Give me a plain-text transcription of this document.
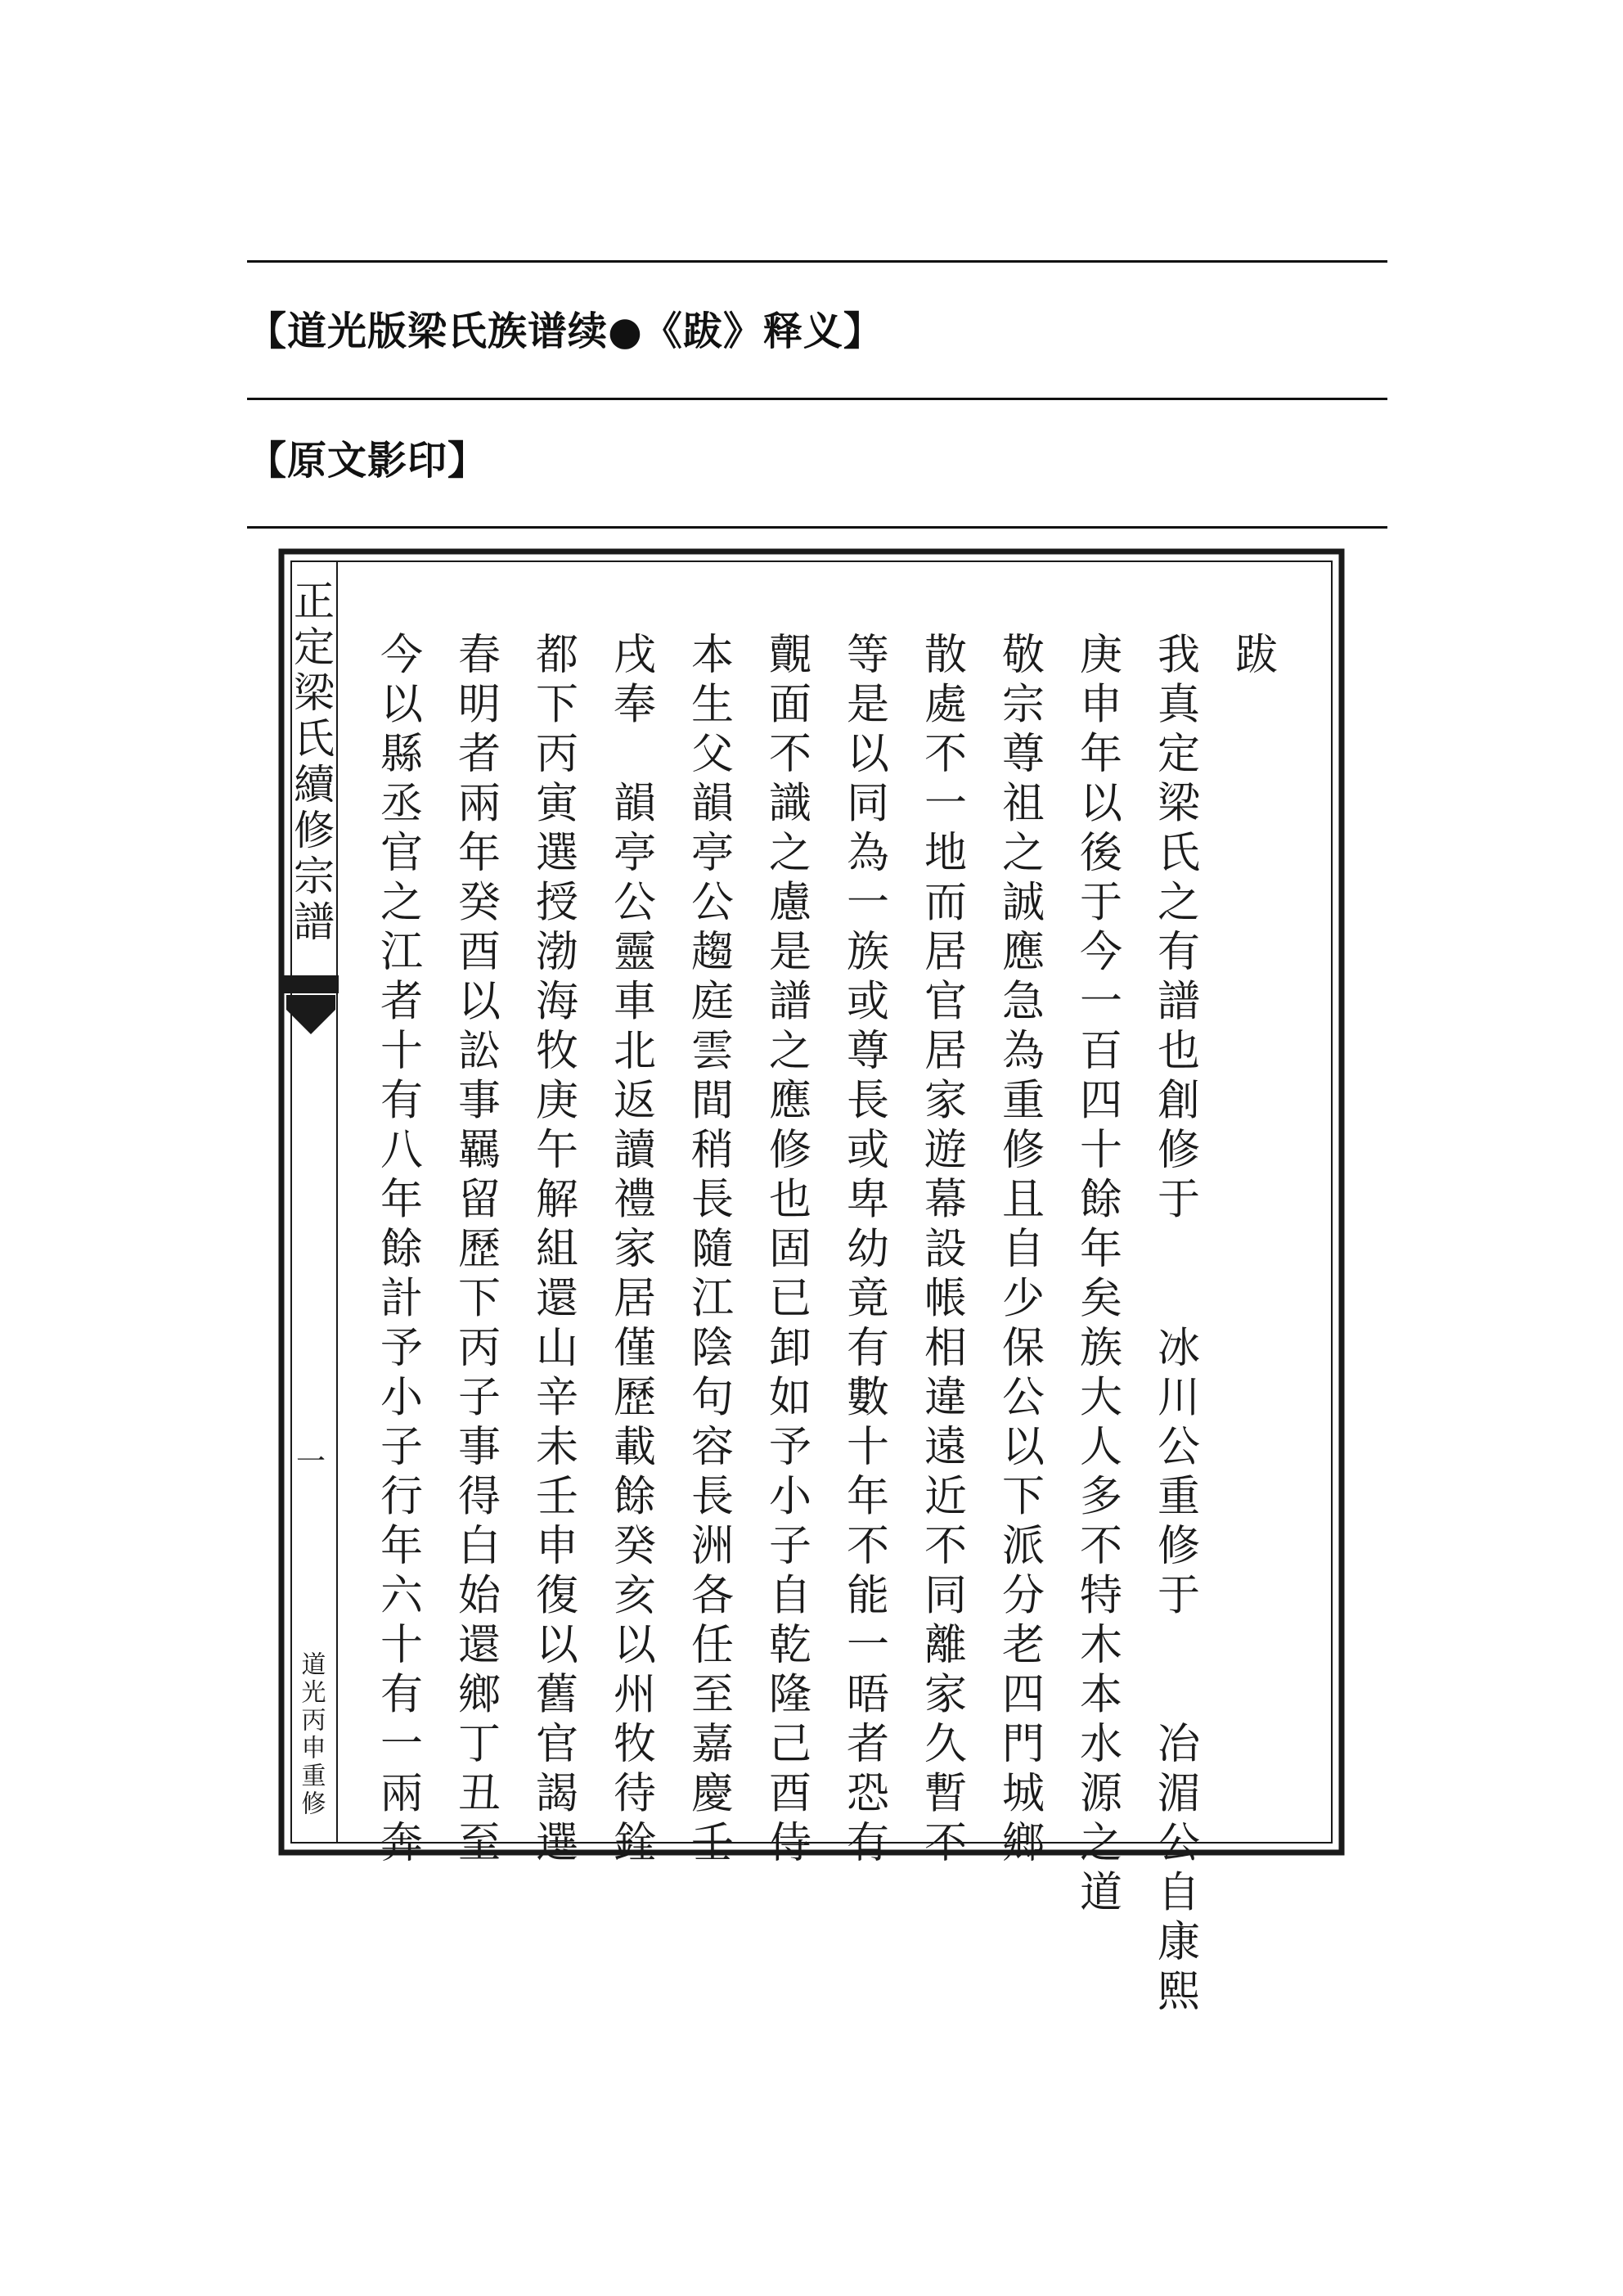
【道光版梁氏族谱续●《跋》释义】
【原文影印】
正定梁氏續修宗譜
一
道光丙申重修
跋
我
真
定
梁
氏
之
有
譜
也
創
修
于
冰
川
公
重
修
于
冶
湄
公
自
康
熙
庚
申
年
以
後
于
今
一
百
四
十
餘
年
矣
族
大
人
多
不
特
木
本
水
源
之
道
敬
宗
尊
祖
之
誠
應
急
為
重
修
且
自
少
保
公
以
下
派
分
老
四
門
城
鄉
散
處
不
一
地
而
居
官
居
家
遊
幕
設
帳
相
違
遠
近
不
同
離
家
久
暫
不
等
是
以
同
為
一
族
或
尊
長
或
卑
幼
竟
有
數
十
年
不
能
一
晤
者
恐
有
覿
面
不
識
之
慮
是
譜
之
應
修
也
固
已
卸
如
予
小
子
自
乾
隆
己
酉
侍
本
生
父
韻
亭
公
趨
庭
雲
間
稍
長
隨
江
陰
句
容
長
洲
各
任
至
嘉
慶
壬
戌
奉
韻
亭
公
靈
車
北
返
讀
禮
家
居
僅
歷
載
餘
癸
亥
以
州
牧
待
銓
都
下
丙
寅
選
授
渤
海
牧
庚
午
解
組
還
山
辛
未
壬
申
復
以
舊
官
謁
選
春
明
者
兩
年
癸
酉
以
訟
事
羈
留
歷
下
丙
子
事
得
白
始
還
鄉
丁
丑
至
今
以
縣
丞
官
之
江
者
十
有
八
年
餘
計
予
小
子
行
年
六
十
有
一
兩
奔
